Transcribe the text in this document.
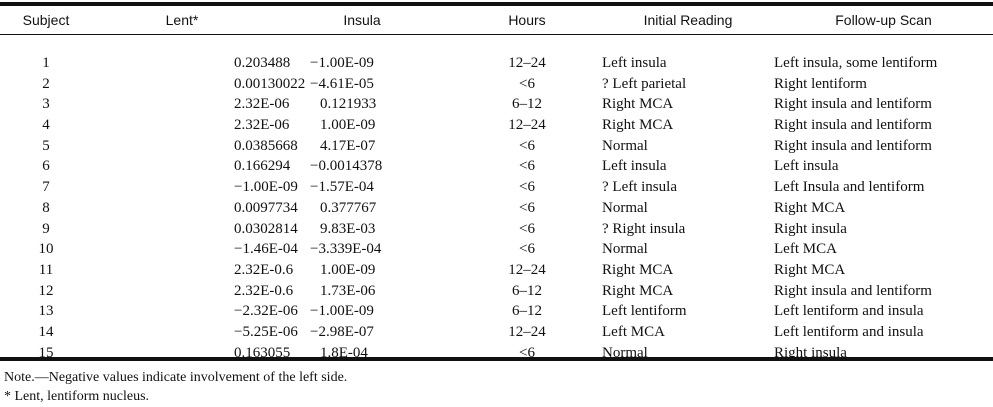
Subject	Lent*	Insula	Hours	Initial Reading	Follow-up Scan

1	0.203488	−1.00E-09	12–24	Left insula	Left insula, some lentiform
2	0.00130022	−4.61E-05	<6	? Left parietal	Right lentiform
3	2.32E-06	0.121933	6–12	Right MCA	Right insula and lentiform
4	2.32E-06	1.00E-09	12–24	Right MCA	Right insula and lentiform
5	0.0385668	4.17E-07	<6	Normal	Right insula and lentiform
6	0.166294	−0.0014378	<6	Left insula	Left insula
7	−1.00E-09	−1.57E-04	<6	? Left insula	Left Insula and lentiform
8	0.0097734	0.377767	<6	Normal	Right MCA
9	0.0302814	9.83E-03	<6	? Right insula	Right insula
10	−1.46E-04	−3.339E-04	<6	Normal	Left MCA
11	2.32E-0.6	1.00E-09	12–24	Right MCA	Right MCA
12	2.32E-0.6	1.73E-06	6–12	Right MCA	Right insula and lentiform
13	−2.32E-06	−1.00E-09	6–12	Left lentiform	Left lentiform and insula
14	−5.25E-06	−2.98E-07	12–24	Left MCA	Left lentiform and insula
15	0.163055	1.8E-04	<6	Normal	Right insula
Note.—Negative values indicate involvement of the left side.
* Lent, lentiform nucleus.
